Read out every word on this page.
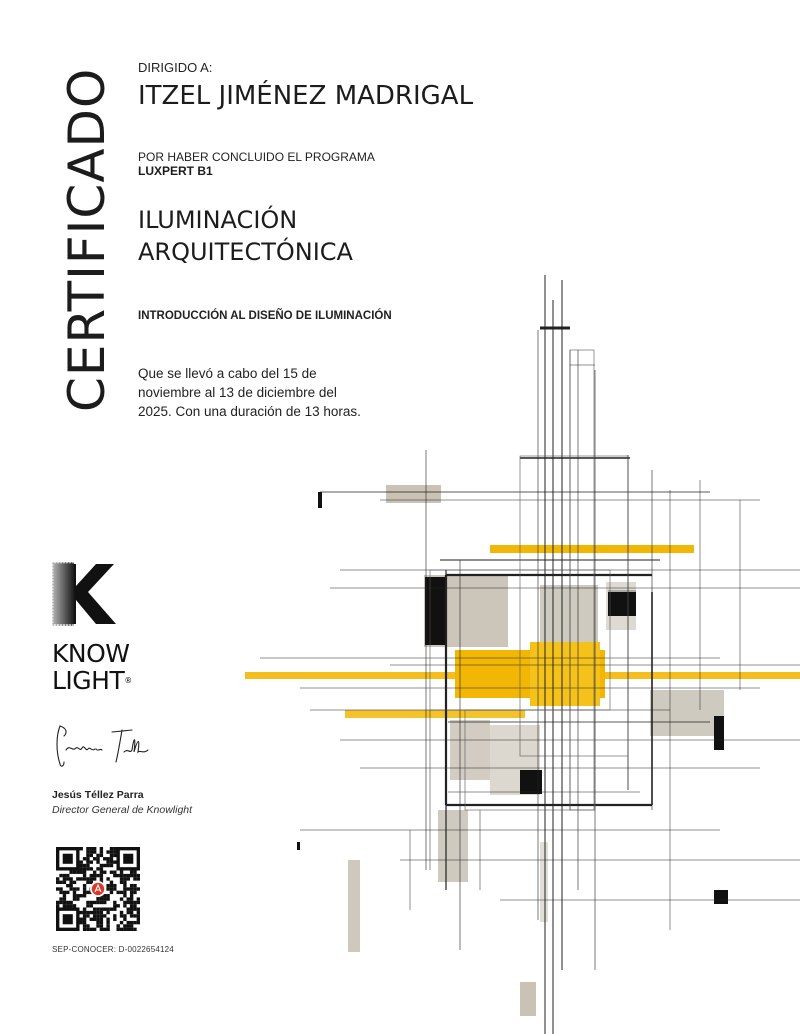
CERTIFICADO
DIRIGIDO A:
ITZEL JIMÉNEZ MADRIGAL
POR HABER CONCLUIDO EL PROGRAMA
LUXPERT B1
ILUMINACIÓN
ARQUITECTÓNICA
INTRODUCCIÓN AL DISEÑO DE ILUMINACIÓN
Que se llevó a cabo del 15 de
noviembre al 13 de diciembre del
2025. Con una duración de 13 horas.
KNOW
LIGHT®
Jesús Téllez Parra
Director General de Knowlight
SEP-CONOCER: D-0022654124
